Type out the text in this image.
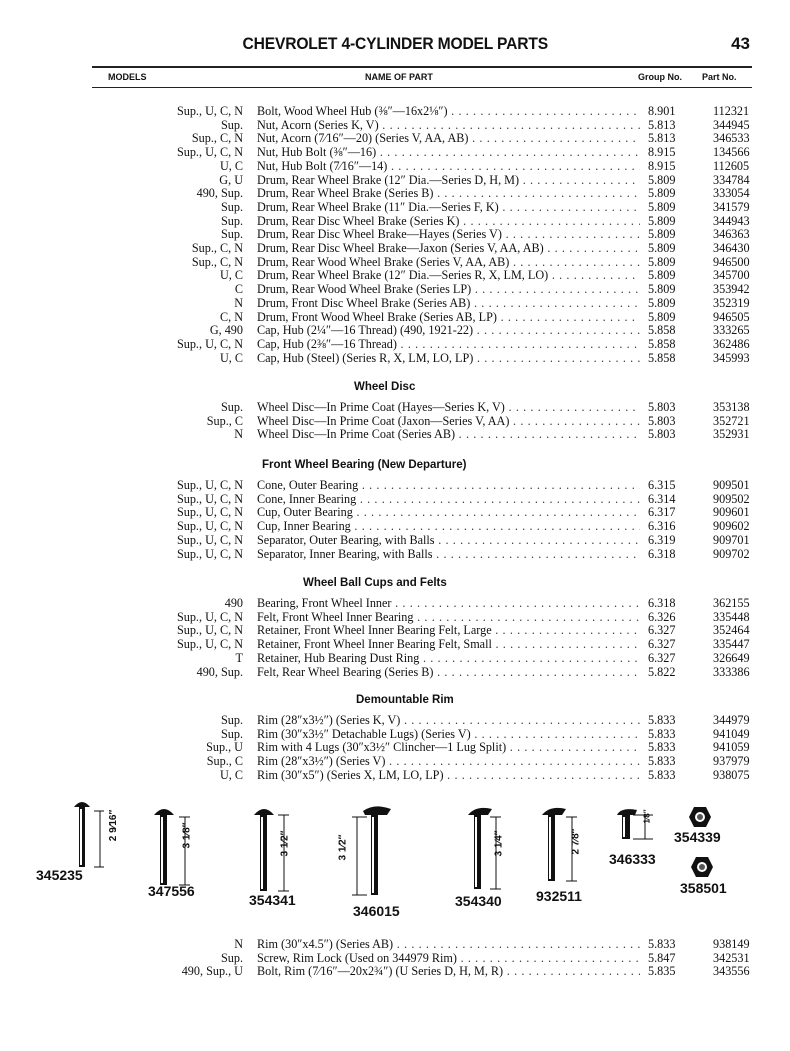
CHEVROLET 4-CYLINDER MODEL PARTS	43
MODELS	NAME OF PART	Group No. Part No.
Sup., U, C, N Bolt, Wood Wheel Hub (⅜″—16x2⅛″) . . .	8.901	112321
Sup. Nut, Acorn (Series K, V) . . .	5.813	344945
Sup., C, N Nut, Acorn (7⁄16″—20) (Series V, AA, AB) . . .	5.813	346533
Sup., U, C, N Nut, Hub Bolt (⅜″—16) . . .	8.915	134566
U, C Nut, Hub Bolt (7⁄16″—14) . . .	8.915	112605
G, U Drum, Rear Wheel Brake (12″ Dia.—Series D, H, M) . . .	5.809	334784
490, Sup. Drum, Rear Wheel Brake (Series B) . . .	5.809	333054
Sup. Drum, Rear Wheel Brake (11″ Dia.—Series F, K) . . .	5.809	341579
Sup. Drum, Rear Disc Wheel Brake (Series K) . . .	5.809	344943
Sup. Drum, Rear Disc Wheel Brake—Hayes (Series V) . . .	5.809	346363
Sup., C, N Drum, Rear Disc Wheel Brake—Jaxon (Series V, AA, AB) . . .	5.809	346430
Sup., C, N Drum, Rear Wood Wheel Brake (Series V, AA, AB) . . .	5.809	946500
U, C Drum, Rear Wheel Brake (12″ Dia.—Series R, X, LM, LO) . . .	5.809	345700
C Drum, Rear Wood Wheel Brake (Series LP) . . .	5.809	353942
N Drum, Front Disc Wheel Brake (Series AB) . . .	5.809	352319
C, N Drum, Front Wood Wheel Brake (Series AB, LP) . . .	5.809	946505
G, 490 Cap, Hub (2¼″—16 Thread) (490, 1921-22) . . .	5.858	333265
Sup., U, C, N Cap, Hub (2⅜″—16 Thread) . . .	5.858	362486
U, C Cap, Hub (Steel) (Series R, X, LM, LO, LP) . . .	5.858	345993
Wheel Disc
Sup. Wheel Disc—In Prime Coat (Hayes—Series K, V) . . .	5.803	353138
Sup., C Wheel Disc—In Prime Coat (Jaxon—Series V, AA) . . .	5.803	352721
N Wheel Disc—In Prime Coat (Series AB) . . .	5.803	352931
Front Wheel Bearing (New Departure)
Sup., U, C, N Cone, Outer Bearing . . .	6.315	909501
Sup., U, C, N Cone, Inner Bearing . . .	6.314	909502
Sup., U, C, N Cup, Outer Bearing . . .	6.317	909601
Sup., U, C, N Cup, Inner Bearing . . .	6.316	909602
Sup., U, C, N Separator, Outer Bearing, with Balls . . .	6.319	909701
Sup., U, C, N Separator, Inner Bearing, with Balls . . .	6.318	909702
Wheel Ball Cups and Felts
490 Bearing, Front Wheel Inner . . .	6.318	362155
Sup., U, C, N Felt, Front Wheel Inner Bearing . . .	6.326	335448
Sup., U, C, N Retainer, Front Wheel Inner Bearing Felt, Large . . .	6.327	352464
Sup., U, C, N Retainer, Front Wheel Inner Bearing Felt, Small . . .	6.327	335447
T Retainer, Hub Bearing Dust Ring . . .	6.327	326649
490, Sup. Felt, Rear Wheel Bearing (Series B) . . .	5.822	333386
Demountable Rim
Sup. Rim (28″x3½″) (Series K, V) . . .	5.833	344979
Sup. Rim (30″x3½″ Detachable Lugs) (Series V) . . .	5.833	941049
Sup., U Rim with 4 Lugs (30″x3½″ Clincher—1 Lug Split) . . .	5.833	941059
Sup., C Rim (28″x3½″) (Series V) . . .	5.833	937979
U, C Rim (30″x5″) (Series X, LM, LO, LP) . . .	5.833	938075
N Rim (30″x4.5″) (Series AB) . . .	5.833	938149
Sup. Screw, Rim Lock (Used on 344979 Rim) . . .	5.847	342531
490, Sup., U Bolt, Rim (7⁄16″—20x2¾″) (U Series D, H, M, R) . . .	5.835	343556
345235
2 9⁄16″
347556
3 1⁄8″
354341
3 1⁄2″
346015
3 1⁄2″
354340
3 1⁄4″
932511
2 7⁄8″
346333
1⁄8″
354339
358501
